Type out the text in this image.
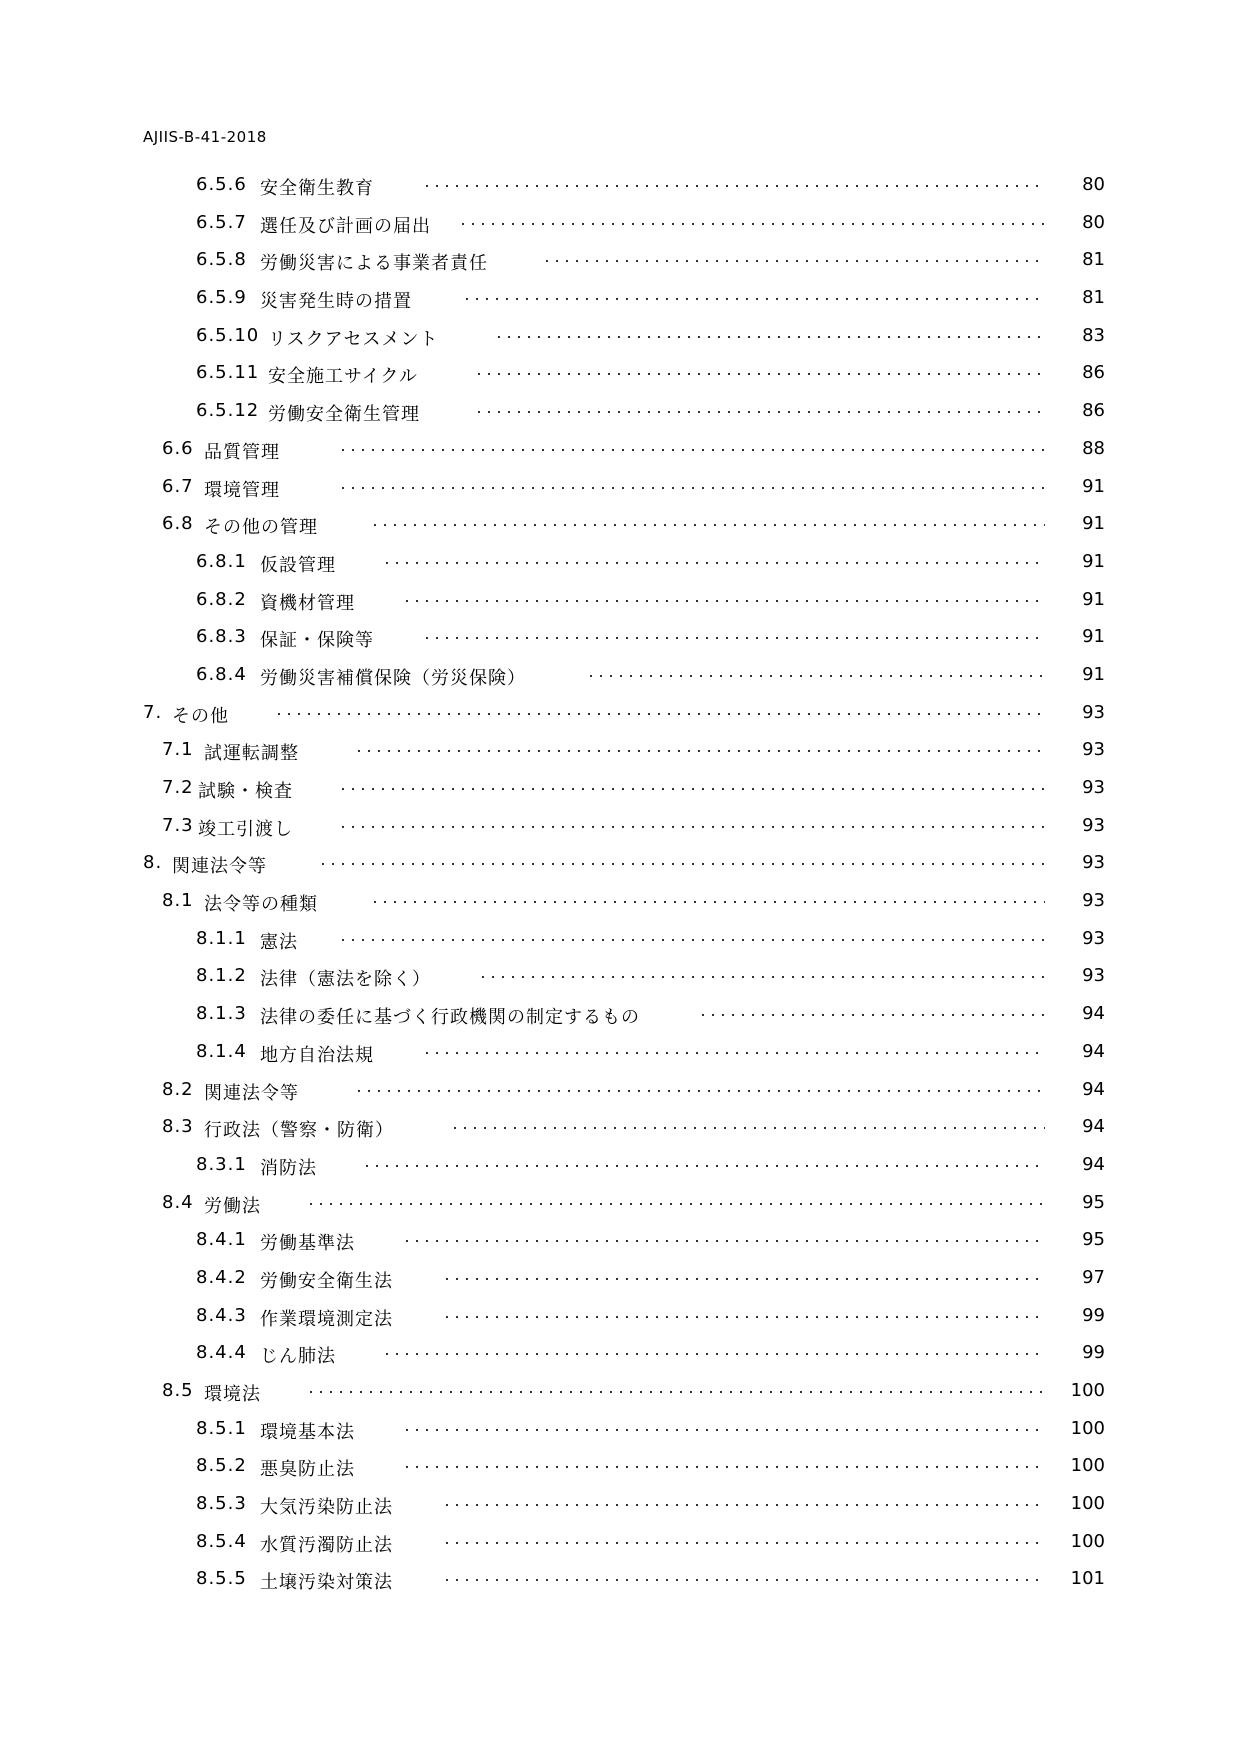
AJIIS-B-41-2018
6.5.6 安全衛生教育	80
6.5.7 選任及び計画の届出	80
6.5.8 労働災害による事業者責任	81
6.5.9 災害発生時の措置	81
6.5.10 リスクアセスメント	83
6.5.11 安全施工サイクル	86
6.5.12 労働安全衛生管理	86
6.6 品質管理	88
6.7 環境管理	91
6.8 その他の管理	91
6.8.1 仮設管理	91
6.8.2 資機材管理	91
6.8.3 保証・保険等	91
6.8.4 労働災害補償保険（労災保険）	91
7. その他	93
7.1 試運転調整	93
7.2 試験・検査	93
7.3 竣工引渡し	93
8. 関連法令等	93
8.1 法令等の種類	93
8.1.1 憲法	93
8.1.2 法律（憲法を除く）	93
8.1.3 法律の委任に基づく行政機関の制定するもの	94
8.1.4 地方自治法規	94
8.2 関連法令等	94
8.3 行政法（警察・防衛）	94
8.3.1 消防法	94
8.4 労働法	95
8.4.1 労働基準法	95
8.4.2 労働安全衛生法	97
8.4.3 作業環境測定法	99
8.4.4 じん肺法	99
8.5 環境法	100
8.5.1 環境基本法	100
8.5.2 悪臭防止法	100
8.5.3 大気汚染防止法	100
8.5.4 水質汚濁防止法	100
8.5.5 土壌汚染対策法	101
